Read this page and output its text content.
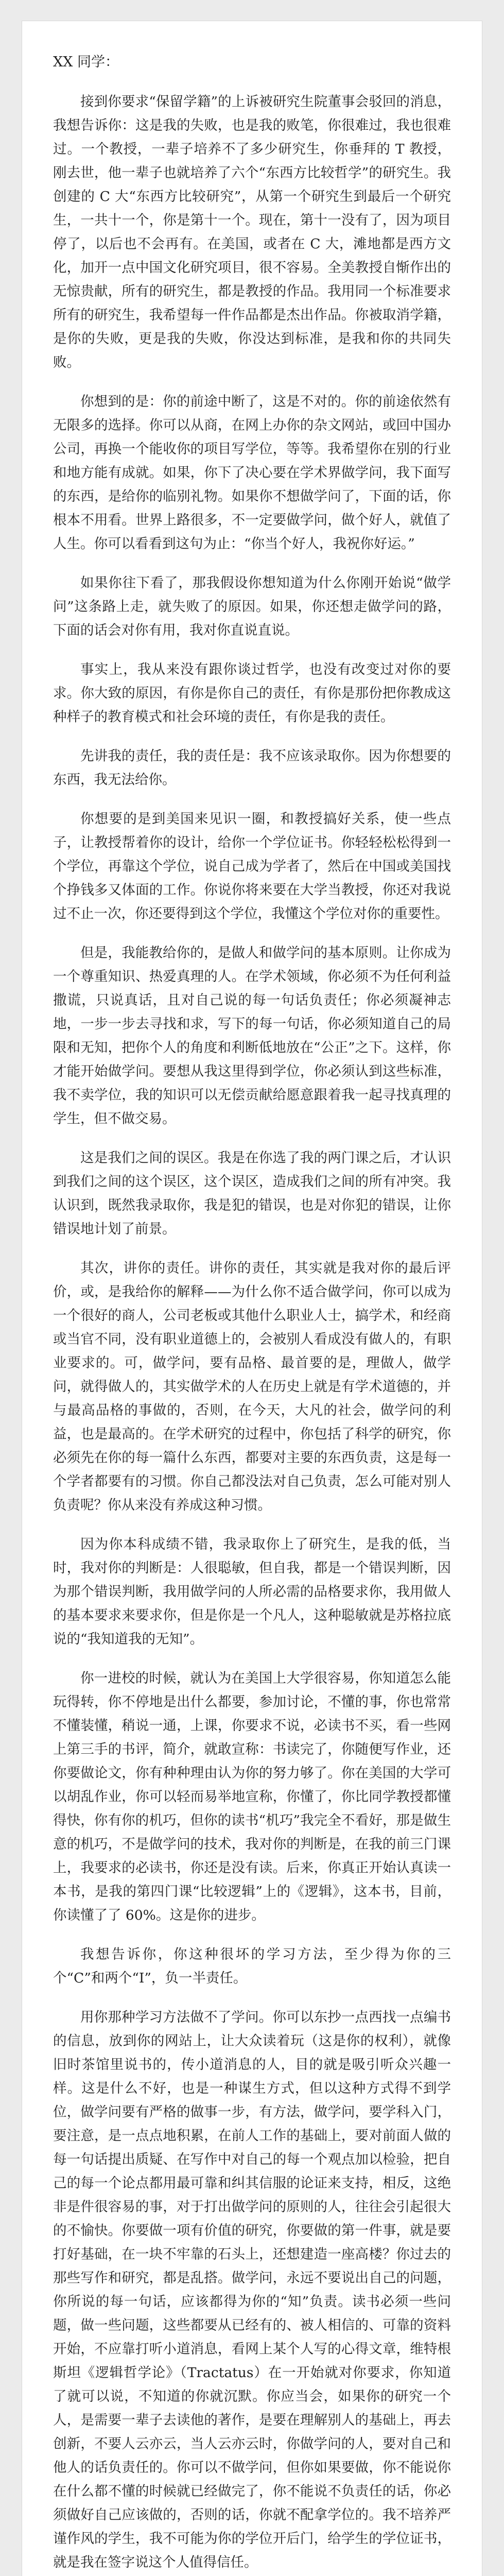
XX 同学：

接到你要求“保留学籍”的上诉被研究生院董事会驳回的消息，我想告诉你：这是我的失败，也是我的败笔，你很难过，我也很难过。一个教授，一辈子培养不了多少研究生，你垂拜的 T 教授，刚去世，他一辈子也就培养了六个“东西方比较哲学”的研究生。我创建的 C 大“东西方比较研究”，从第一个研究生到最后一个研究生，一共十一个，你是第十一个。现在，第十一没有了，因为项目停了，以后也不会再有。在美国，或者在 C 大，滩地都是西方文化，加开一点中国文化研究项目，很不容易。全美教授自惭作出的无惊贵献，所有的研究生，都是教授的作品。我用同一个标准要求所有的研究生，我希望每一件作品都是杰出作品。你被取消学籍，是你的失败，更是我的失败，你没达到标准，是我和你的共同失败。

你想到的是：你的前途中断了，这是不对的。你的前途依然有无限多的选择。你可以从商，在网上办你的杂文网站，或回中国办公司，再换一个能收你的项目写学位，等等。我希望你在别的行业和地方能有成就。如果，你下了决心要在学术界做学问，我下面写的东西，是给你的临别礼物。如果你不想做学问了，下面的话，你根本不用看。世界上路很多，不一定要做学问，做个好人，就值了人生。你可以看看到这句为止：“你当个好人，我祝你好运。”

如果你往下看了，那我假设你想知道为什么你刚开始说“做学问”这条路上走，就失败了的原因。如果，你还想走做学问的路，下面的话会对你有用，我对你直说直说。

事实上，我从来没有跟你谈过哲学，也没有改变过对你的要求。你大致的原因，有你是你自己的责任，有你是那份把你教成这种样子的教育模式和社会环境的责任，有你是我的责任。

先讲我的责任，我的责任是：我不应该录取你。因为你想要的东西，我无法给你。

你想要的是到美国来见识一圈，和教授搞好关系，使一些点子，让教授帮着你的设计，给你一个学位证书。你轻轻松松得到一个学位，再靠这个学位，说自己成为学者了，然后在中国或美国找个挣钱多又体面的工作。你说你将来要在大学当教授，你还对我说过不止一次，你还要得到这个学位，我懂这个学位对你的重要性。

但是，我能教给你的，是做人和做学问的基本原则。让你成为一个尊重知识、热爱真理的人。在学术领域，你必须不为任何利益撒谎，只说真话，且对自己说的每一句话负责任；你必须凝神志地，一步一步去寻找和求，写下的每一句话，你必须知道自己的局限和无知，把你个人的角度和利断低地放在“公正”之下。这样，你才能开始做学问。要想从我这里得到学位，你必须认到这些标准，我不卖学位，我的知识可以无偿贡献给愿意跟着我一起寻找真理的学生，但不做交易。

这是我们之间的误区。我是在你选了我的两门课之后，才认识到我们之间的这个误区，这个误区，造成我们之间的所有冲突。我认识到，既然我录取你，我是犯的错误，也是对你犯的错误，让你错误地计划了前景。

其次，讲你的责任。讲你的责任，其实就是我对你的最后评价，或，是我给你的解释——为什么你不适合做学问，你可以成为一个很好的商人，公司老板或其他什么职业人士，搞学术，和经商或当官不同，没有职业道德上的，会被别人看成没有做人的，有职业要求的。可，做学问，要有品格、最首要的是，理做人，做学问，就得做人的，其实做学术的人在历史上就是有学术道德的，并与最高品格的事做的，否则，在今天，大凡的社会，做学问的利益，也是最高的。在学术研究的过程中，你包括了科学的研究，你必须先在你的每一篇什么东西，都要对主要的东西负责，这是每一个学者都要有的习惯。你自己都没法对自己负责，怎么可能对别人负责呢？你从来没有养成这种习惯。

因为你本科成绩不错，我录取你上了研究生，是我的低，当时，我对你的判断是：人很聪敏，但自我，都是一个错误判断，因为那个错误判断，我用做学问的人所必需的品格要求你，我用做人的基本要求来要求你，但是你是一个凡人，这种聪敏就是苏格拉底说的“我知道我的无知”。

你一进校的时候，就认为在美国上大学很容易，你知道怎么能玩得转，你不停地是出什么都要，参加讨论，不懂的事，你也常常不懂装懂，稍说一通，上课，你要求不说，必读书不买，看一些网上第三手的书评，简介，就敢宣称：书读完了，你随便写作业，还你要做论文，你有种种理由认为你的努力够了。你在美国的大学可以胡乱作业，你可以轻而易举地宣称，你懂了，你比同学教授都懂得快，你有你的机巧，但你的读书“机巧”我完全不看好，那是做生意的机巧，不是做学问的技术，我对你的判断是，在我的前三门课上，我要求的必读书，你还是没有读。后来，你真正开始认真读一本书，是我的第四门课“比较逻辑”上的《逻辑》，这本书，目前，你读懂了了 60%。这是你的进步。

我想告诉你，你这种很坏的学习方法，至少得为你的三个“C”和两个“I”，负一半责任。

用你那种学习方法做不了学问。你可以东抄一点西找一点编书的信息，放到你的网站上，让大众读着玩（这是你的权利），就像旧时茶馆里说书的，传小道消息的人，目的就是吸引听众兴趣一样。这是什么不好，也是一种谋生方式，但以这种方式得不到学位，做学问要有严格的做事一步，有方法，做学问，要学科入门，要注意，是一点点地积累，在前人工作的基础上，要对前面人做的每一句话提出质疑、在写作中对自己的每一个观点加以检验，把自己的每一个论点都用最可靠和纠其信服的论证来支持，相反，这绝非是件很容易的事，对于打出做学问的原则的人，往往会引起很大的不愉快。你要做一项有价值的研究，你要做的第一件事，就是要打好基础，在一块不牢靠的石头上，还想建造一座高楼？你过去的那些写作和研究，都是乱搭。做学问，永远不要说出自己的问题，你所说的每一句话，应该都得为你的“知”负责。读书必须一些问题，做一些问题，这些都要从已经有的、被人相信的、可靠的资料开始，不应靠打听小道消息，看网上某个人写的心得文章，维特根斯坦《逻辑哲学论》（Tractatus）在一开始就对你要求，你知道了就可以说，不知道的你就沉默。你应当会，如果你的研究一个人，是需要一辈子去读他的著作，是要在理解别人的基础上，再去创新，不要人云亦云，当人云亦云时，你做学问的人，要对自己和他人的话负责任的。你可以不做学问，但你如果要做，你不能说你在什么都不懂的时候就已经做完了，你不能说不负责任的话，你必须做好自己应该做的，否则的话，你就不配拿学位的。我不培养严谨作风的学生，我不可能为你的学位开后门，给学生的学位证书，就是我在签字说这个人值得信任。
